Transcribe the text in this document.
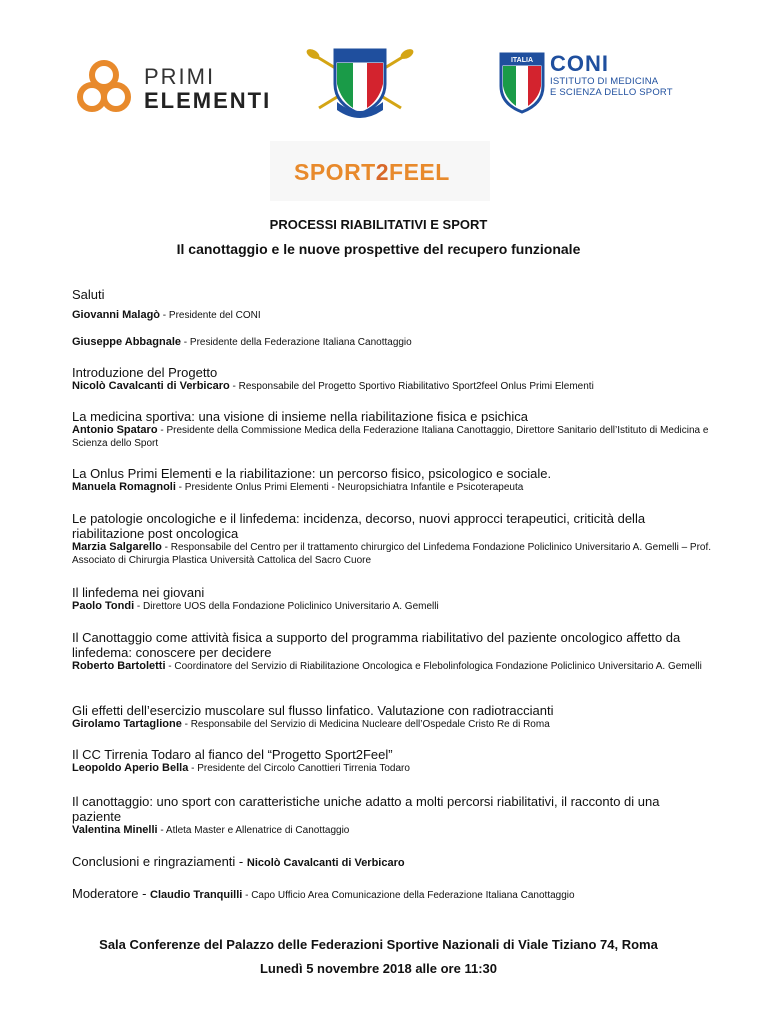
PRIMI
ELEMENTI
FIC
ITALIA CONI
ISTITUTO DI MEDICINA
E SCIENZA DELLO SPORT
SPORT2FEEL
PROCESSI RIABILITATIVI E SPORT
Il canottaggio e le nuove prospettive del recupero funzionale
Saluti
Giovanni Malagò - Presidente del CONI
Giuseppe Abbagnale - Presidente della Federazione Italiana Canottaggio
Introduzione del Progetto
Nicolò Cavalcanti di Verbicaro - Responsabile del Progetto Sportivo Riabilitativo Sport2feel Onlus Primi Elementi
La medicina sportiva: una visione di insieme nella riabilitazione fisica e psichica
Antonio Spataro - Presidente della Commissione Medica della Federazione Italiana Canottaggio, Direttore Sanitario dell’Istituto di Medicina e Scienza dello Sport
La Onlus Primi Elementi e la riabilitazione: un percorso fisico, psicologico e sociale.
Manuela Romagnoli - Presidente Onlus Primi Elementi - Neuropsichiatra Infantile e Psicoterapeuta
Le patologie oncologiche e il linfedema: incidenza, decorso, nuovi approcci terapeutici, criticità della riabilitazione post oncologica
Marzia Salgarello - Responsabile del Centro per il trattamento chirurgico del Linfedema Fondazione Policlinico Universitario A. Gemelli – Prof. Associato di Chirurgia Plastica Università Cattolica del Sacro Cuore
Il linfedema nei giovani
Paolo Tondi - Direttore UOS della Fondazione Policlinico Universitario A. Gemelli
Il Canottaggio come attività fisica a supporto del programma riabilitativo del paziente oncologico affetto da linfedema: conoscere per decidere
Roberto Bartoletti - Coordinatore del Servizio di Riabilitazione Oncologica e Flebolinfologica Fondazione Policlinico Universitario A. Gemelli
Gli effetti dell’esercizio muscolare sul flusso linfatico. Valutazione con radiotraccianti
Girolamo Tartaglione - Responsabile del Servizio di Medicina Nucleare dell’Ospedale Cristo Re di Roma
Il CC Tirrenia Todaro al fianco del “Progetto Sport2Feel”
Leopoldo Aperio Bella - Presidente del Circolo Canottieri Tirrenia Todaro
Il canottaggio: uno sport con caratteristiche uniche adatto a molti percorsi riabilitativi, il racconto di una paziente
Valentina Minelli - Atleta Master e Allenatrice di Canottaggio
Conclusioni e ringraziamenti - Nicolò Cavalcanti di Verbicaro
Moderatore - Claudio Tranquilli - Capo Ufficio Area Comunicazione della Federazione Italiana Canottaggio
Sala Conferenze del Palazzo delle Federazioni Sportive Nazionali di Viale Tiziano 74, Roma
Lunedì 5 novembre 2018 alle ore 11:30
